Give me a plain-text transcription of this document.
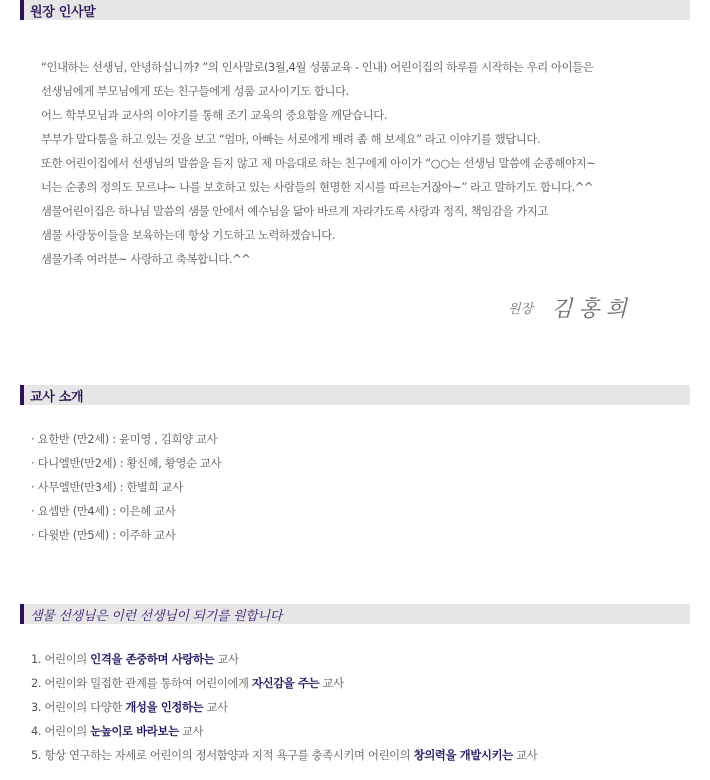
원장 인사말

“인내하는 선생님, 안녕하십니까? ”의 인사말로(3월,4월 성품교육 - 인내) 어린이집의 하루를 시작하는 우리 아이들은

선생님에게 부모님에게 또는 친구들에게 성품 교사이기도 합니다.

어느 학부모님과 교사의 이야기를 통해 조기 교육의 중요함을 깨닫습니다.

부부가 말다툼을 하고 있는 것을 보고 “엄마, 아빠는 서로에게 배려 좀 해 보세요” 라고 이야기를 했답니다.

또한 어린이집에서 선생님의 말씀을 듣지 않고 제 마음대로 하는 친구에게 아이가 “○○는 선생님 말씀에 순종해야지~

너는 순종의 정의도 모르냐~ 나를 보호하고 있는 사람들의 현명한 지시를 따르는거잖아~” 라고 말하기도 합니다.^^

샘물어린이집은 하나님 말씀의 샘물 안에서 예수님을 닮아 바르게 자라가도록 사랑과 정직, 책임감을 가지고

샘물 사랑둥이들을 보육하는데 항상 기도하고 노력하겠습니다.

샘물가족 여러분~ 사랑하고 축복합니다.^^

원장 김홍희
교사 소개
· 요한반 (만2세) : 윤미영 , 김희양 교사
· 다니엘반(만2세) : 황신혜, 황영순 교사
· 사무엘반(만3세) : 한별희 교사
· 요셉반 (만4세) : 이은혜 교사
· 다윗반 (만5세) : 이주하 교사
샘물 선생님은 이런 선생님이 되기를 원합니다
1. 어린이의 인격을 존중하며 사랑하는 교사
2. 어린이와 밀접한 관계를 통하여 어린이에게 자신감을 주는 교사
3. 어린이의 다양한 개성을 인정하는 교사
4. 어린이의 눈높이로 바라보는 교사
5. 항상 연구하는 자세로 어린이의 정서함양과 지적 욕구를 충족시키며 어린이의 창의력을 개발시키는 교사
